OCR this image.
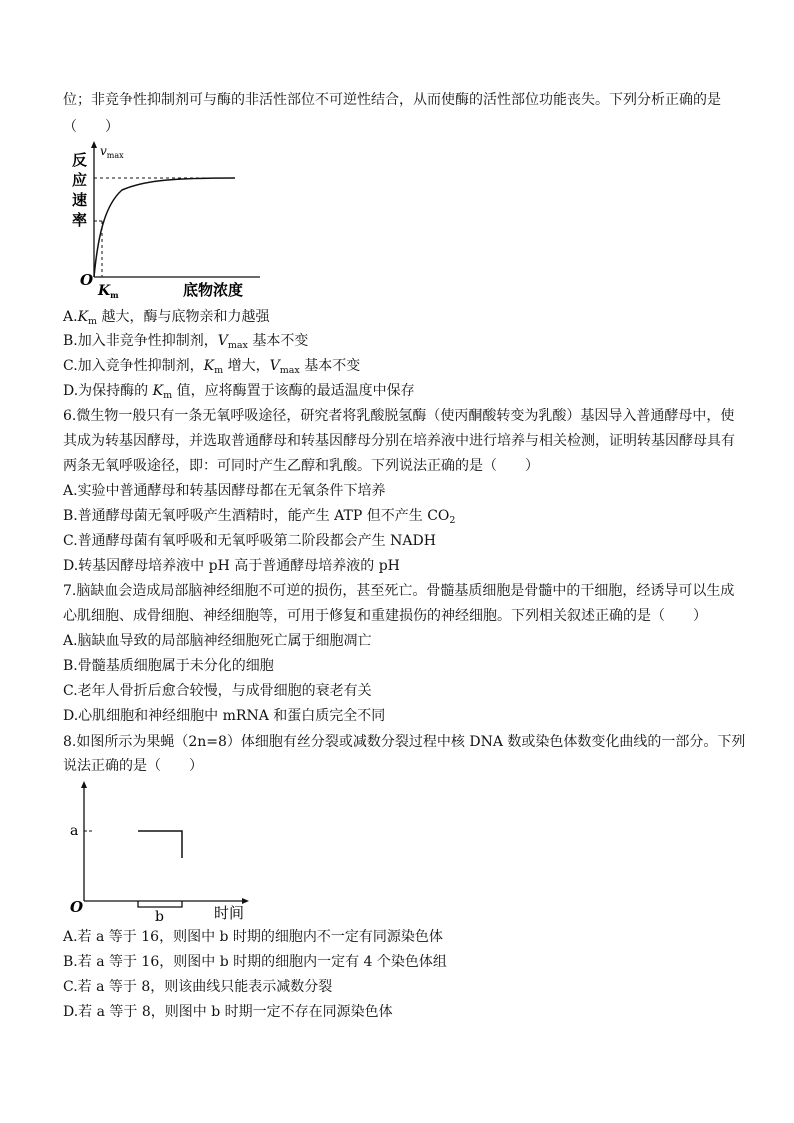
位；非竞争性抑制剂可与酶的非活性部位不可逆性结合，从而使酶的活性部位功能丧失。下列分析正确的是
（　　）
反
应
速
率
$v_{max}$
O
$K_m$	底物浓度
$A.K_m$ 越大，酶与底物亲和力越强
B.加入非竞争性抑制剂，$V_{max}$ 基本不变
C.加入竞争性抑制剂，$K_m$ 增大，$V_{max}$ 基本不变
D.为保持酶的 $K_m$ 值，应将酶置于该酶的最适温度中保存
6.微生物一般只有一条无氧呼吸途径，研究者将乳酸脱氢酶（使丙酮酸转变为乳酸）基因导入普通酵母中，使
其成为转基因酵母，并选取普通酵母和转基因酵母分别在培养液中进行培养与相关检测，证明转基因酵母具有
两条无氧呼吸途径，即：可同时产生乙醇和乳酸。下列说法正确的是（　　）
A.实验中普通酵母和转基因酵母都在无氧条件下培养
B.普通酵母菌无氧呼吸产生酒精时，能产生 ATP 但不产生 $CO_2$
C.普通酵母菌有氧呼吸和无氧呼吸第二阶段都会产生 NADH
D.转基因酵母培养液中 pH 高于普通酵母培养液的 pH
7.脑缺血会造成局部脑神经细胞不可逆的损伤，甚至死亡。骨髓基质细胞是骨髓中的干细胞，经诱导可以生成
心肌细胞、成骨细胞、神经细胞等，可用于修复和重建损伤的神经细胞。下列相关叙述正确的是（　　）
A.脑缺血导致的局部脑神经细胞死亡属于细胞凋亡
B.骨髓基质细胞属于未分化的细胞
C.老年人骨折后愈合较慢，与成骨细胞的衰老有关
D.心肌细胞和神经细胞中 mRNA 和蛋白质完全不同
8.如图所示为果蝇（2n=8）体细胞有丝分裂或减数分裂过程中核 DNA 数或染色体数变化曲线的一部分。下列
说法正确的是（　　）
a
b
O	时间
A.若 a 等于 16，则图中 b 时期的细胞内不一定有同源染色体
B.若 a 等于 16，则图中 b 时期的细胞内一定有 4 个染色体组
C.若 a 等于 8，则该曲线只能表示减数分裂
D.若 a 等于 8，则图中 b 时期一定不存在同源染色体
